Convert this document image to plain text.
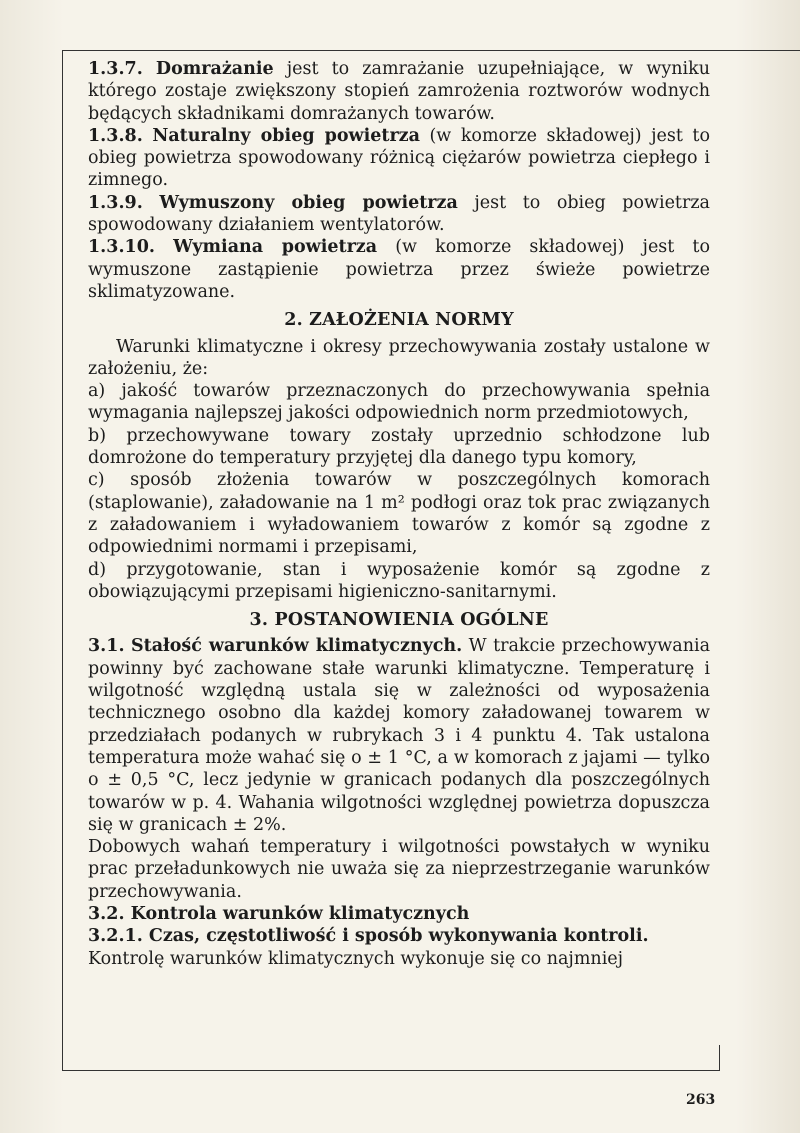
1.3.7. Domrażanie jest to zamrażanie uzupełniające, w wyniku którego zostaje zwiększony stopień zamrożenia roztworów wodnych będących składnikami domrażanych towarów.

1.3.8. Naturalny obieg powietrza (w komorze składowej) jest to obieg powietrza spowodowany różnicą ciężarów powietrza ciepłego i zimnego.

1.3.9. Wymuszony obieg powietrza jest to obieg powietrza spowodowany działaniem wentylatorów.

1.3.10. Wymiana powietrza (w komorze składowej) jest to wymuszone zastąpienie powietrza przez świeże powietrze sklimatyzowane.

2. ZAŁOŻENIA NORMY

Warunki klimatyczne i okresy przechowywania zostały ustalone w założeniu, że:

a) jakość towarów przeznaczonych do przechowywania spełnia wymagania najlepszej jakości odpowiednich norm przedmiotowych,

b) przechowywane towary zostały uprzednio schłodzone lub domrożone do temperatury przyjętej dla danego typu komory,

c) sposób złożenia towarów w poszczególnych komorach (staplowanie), załadowanie na 1 m² podłogi oraz tok prac związanych z załadowaniem i wyładowaniem towarów z komór są zgodne z odpowiednimi normami i przepisami,

d) przygotowanie, stan i wyposażenie komór są zgodne z obowiązującymi przepisami higieniczno-sanitarnymi.

3. POSTANOWIENIA OGÓLNE

3.1. Stałość warunków klimatycznych. W trakcie przechowywania powinny być zachowane stałe warunki klimatyczne. Temperaturę i wilgotność względną ustala się w zależności od wyposażenia technicznego osobno dla każdej komory załadowanej towarem w przedziałach podanych w rubrykach 3 i 4 punktu 4. Tak ustalona temperatura może wahać się o ± 1 °C, a w komorach z jajami — tylko o ± 0,5 °C, lecz jedynie w granicach podanych dla poszczególnych towarów w p. 4. Wahania wilgotności względnej powietrza dopuszcza się w granicach ± 2%.

Dobowych wahań temperatury i wilgotności powstałych w wyniku prac przeładunkowych nie uważa się za nieprzestrzeganie warunków przechowywania.

3.2. Kontrola warunków klimatycznych

3.2.1. Czas, częstotliwość i sposób wykonywania kontroli.

Kontrolę warunków klimatycznych wykonuje się co najmniej

263
